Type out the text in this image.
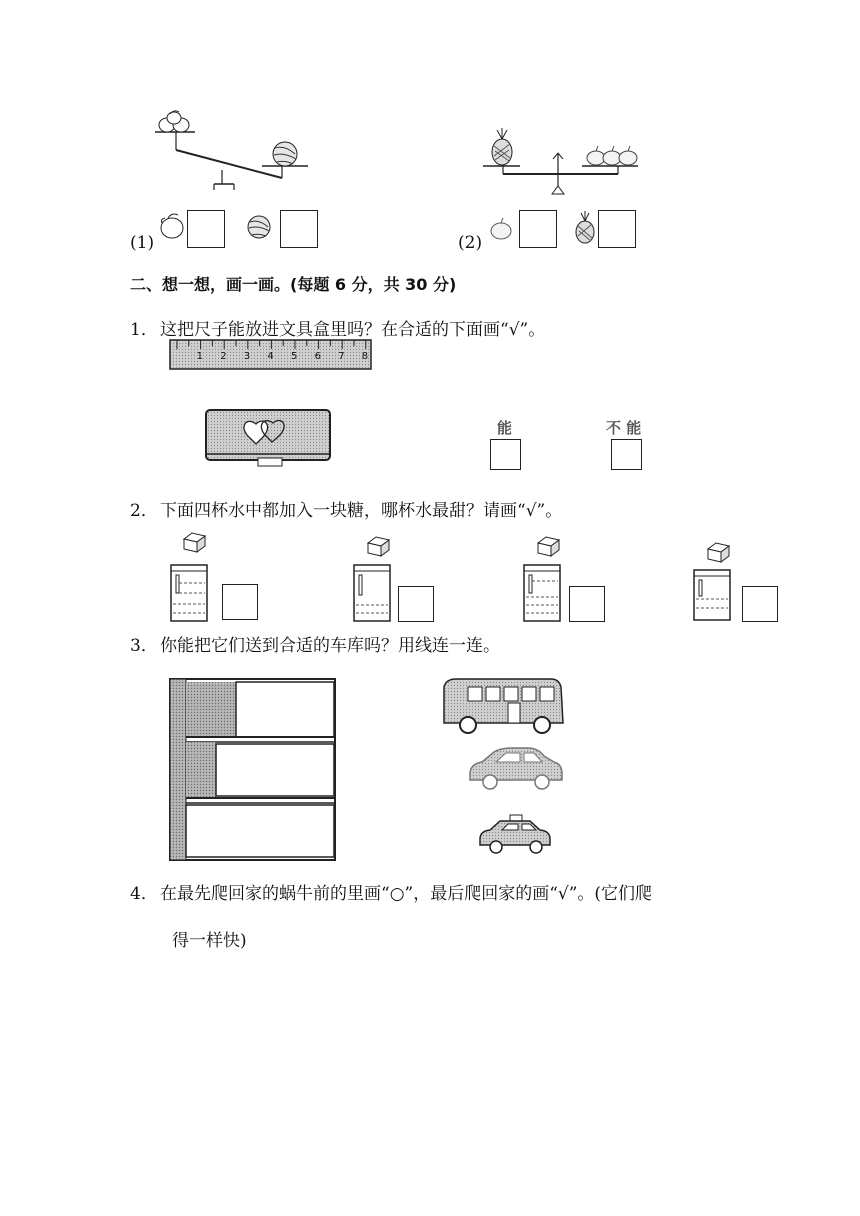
(1)	(2)
二、想一想，画一画。(每题 6 分，共 30 分)
1． 这把尺子能放进文具盒里吗？在合适的下面画“√”。
1 2 3 4 5 6 7 8
能	不 能
2． 下面四杯水中都加入一块糖，哪杯水最甜？请画“√”。
3． 你能把它们送到合适的车库吗？用线连一连。
4． 在最先爬回家的蜗牛前的里画“○”，最后爬回家的画“√”。(它们爬
得一样快)
